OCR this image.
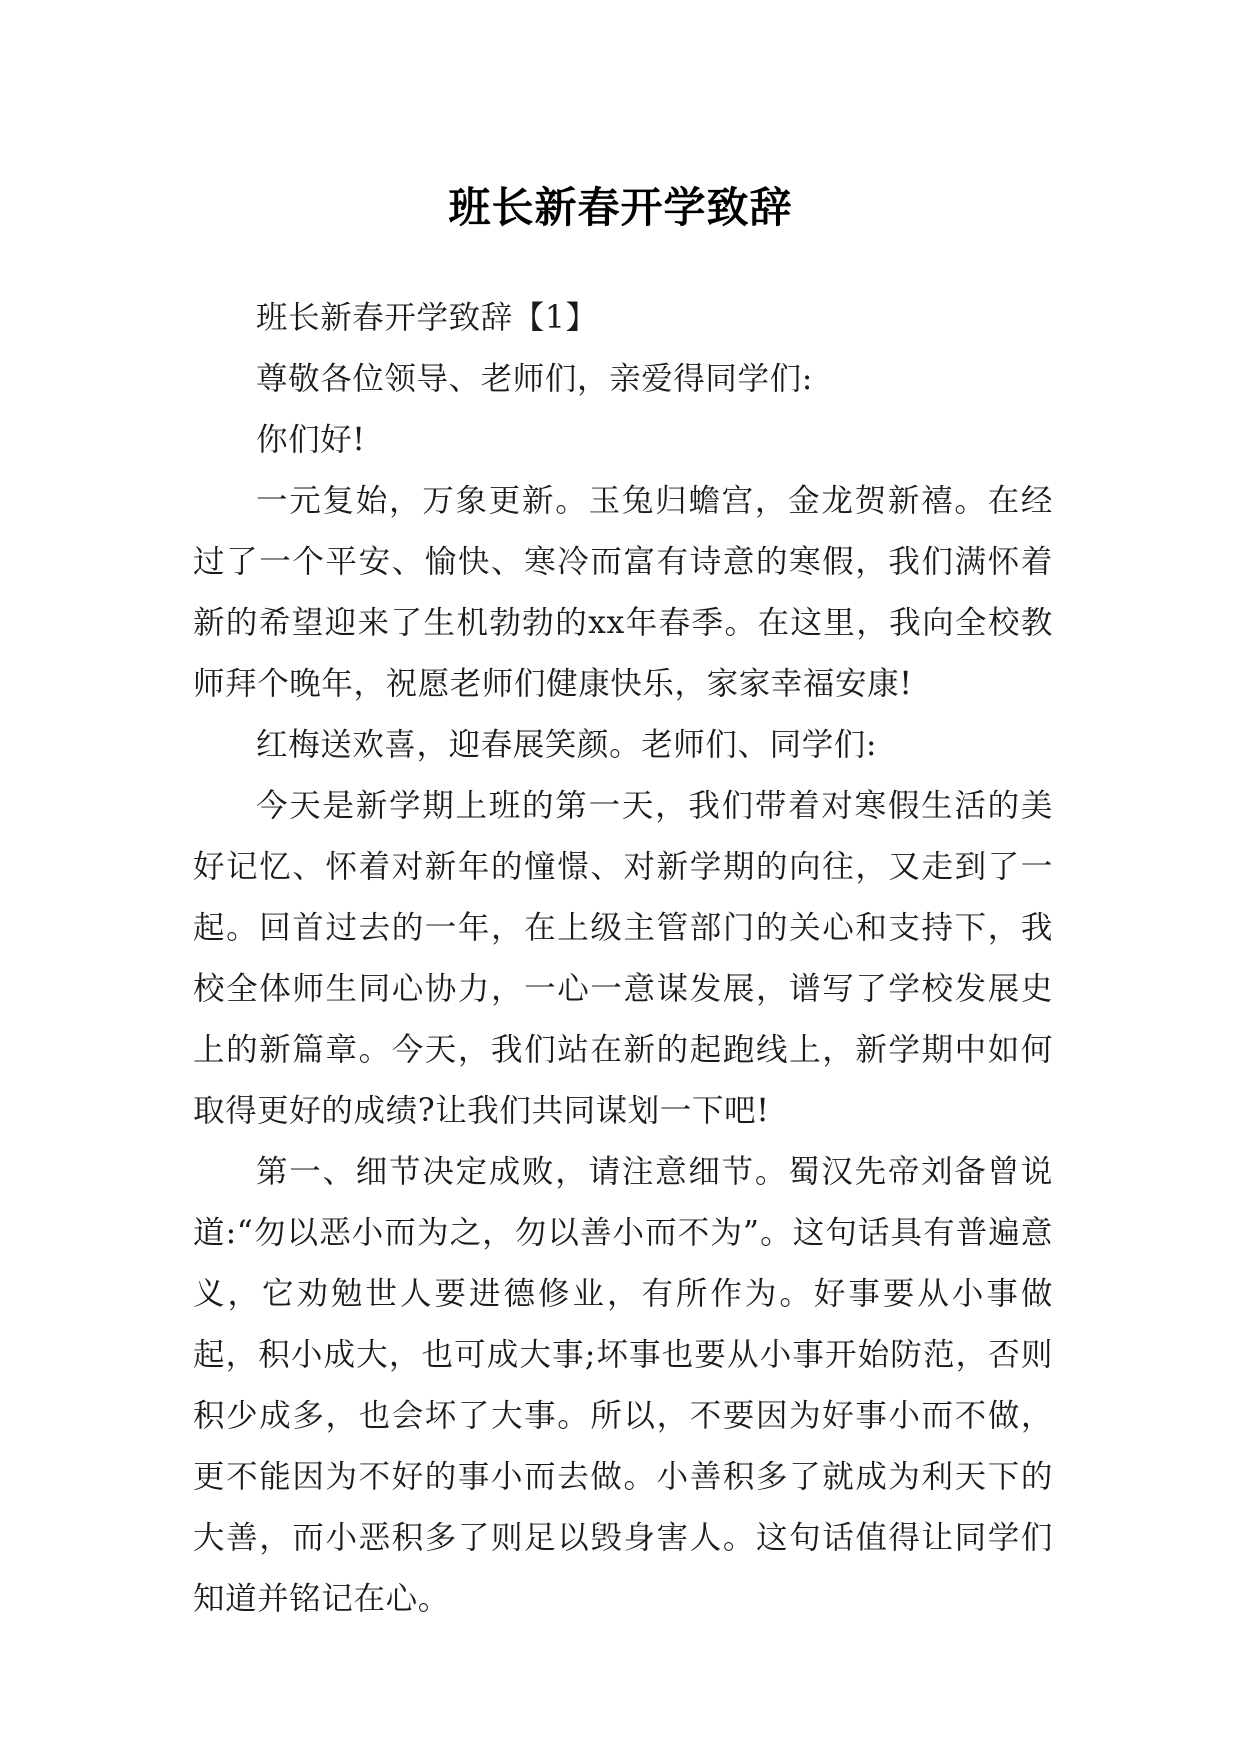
班长新春开学致辞

班长新春开学致辞【1】

尊敬各位领导、老师们，亲爱得同学们:

你们好!

一元复始，万象更新。玉兔归蟾宫，金龙贺新禧。在经过了一个平安、愉快、寒冷而富有诗意的寒假，我们满怀着新的希望迎来了生机勃勃的xx年春季。在这里，我向全校教师拜个晚年，祝愿老师们健康快乐，家家幸福安康!

红梅送欢喜，迎春展笑颜。老师们、同学们:

今天是新学期上班的第一天，我们带着对寒假生活的美好记忆、怀着对新年的憧憬、对新学期的向往，又走到了一起。回首过去的一年，在上级主管部门的关心和支持下，我校全体师生同心协力，一心一意谋发展，谱写了学校发展史上的新篇章。今天，我们站在新的起跑线上，新学期中如何取得更好的成绩?让我们共同谋划一下吧!

第一、细节决定成败，请注意细节。蜀汉先帝刘备曾说道:“勿以恶小而为之，勿以善小而不为”。这句话具有普遍意义，它劝勉世人要进德修业，有所作为。好事要从小事做起，积小成大，也可成大事;坏事也要从小事开始防范，否则积少成多，也会坏了大事。所以，不要因为好事小而不做，更不能因为不好的事小而去做。小善积多了就成为利天下的大善，而小恶积多了则足以毁身害人。这句话值得让同学们知道并铭记在心。
